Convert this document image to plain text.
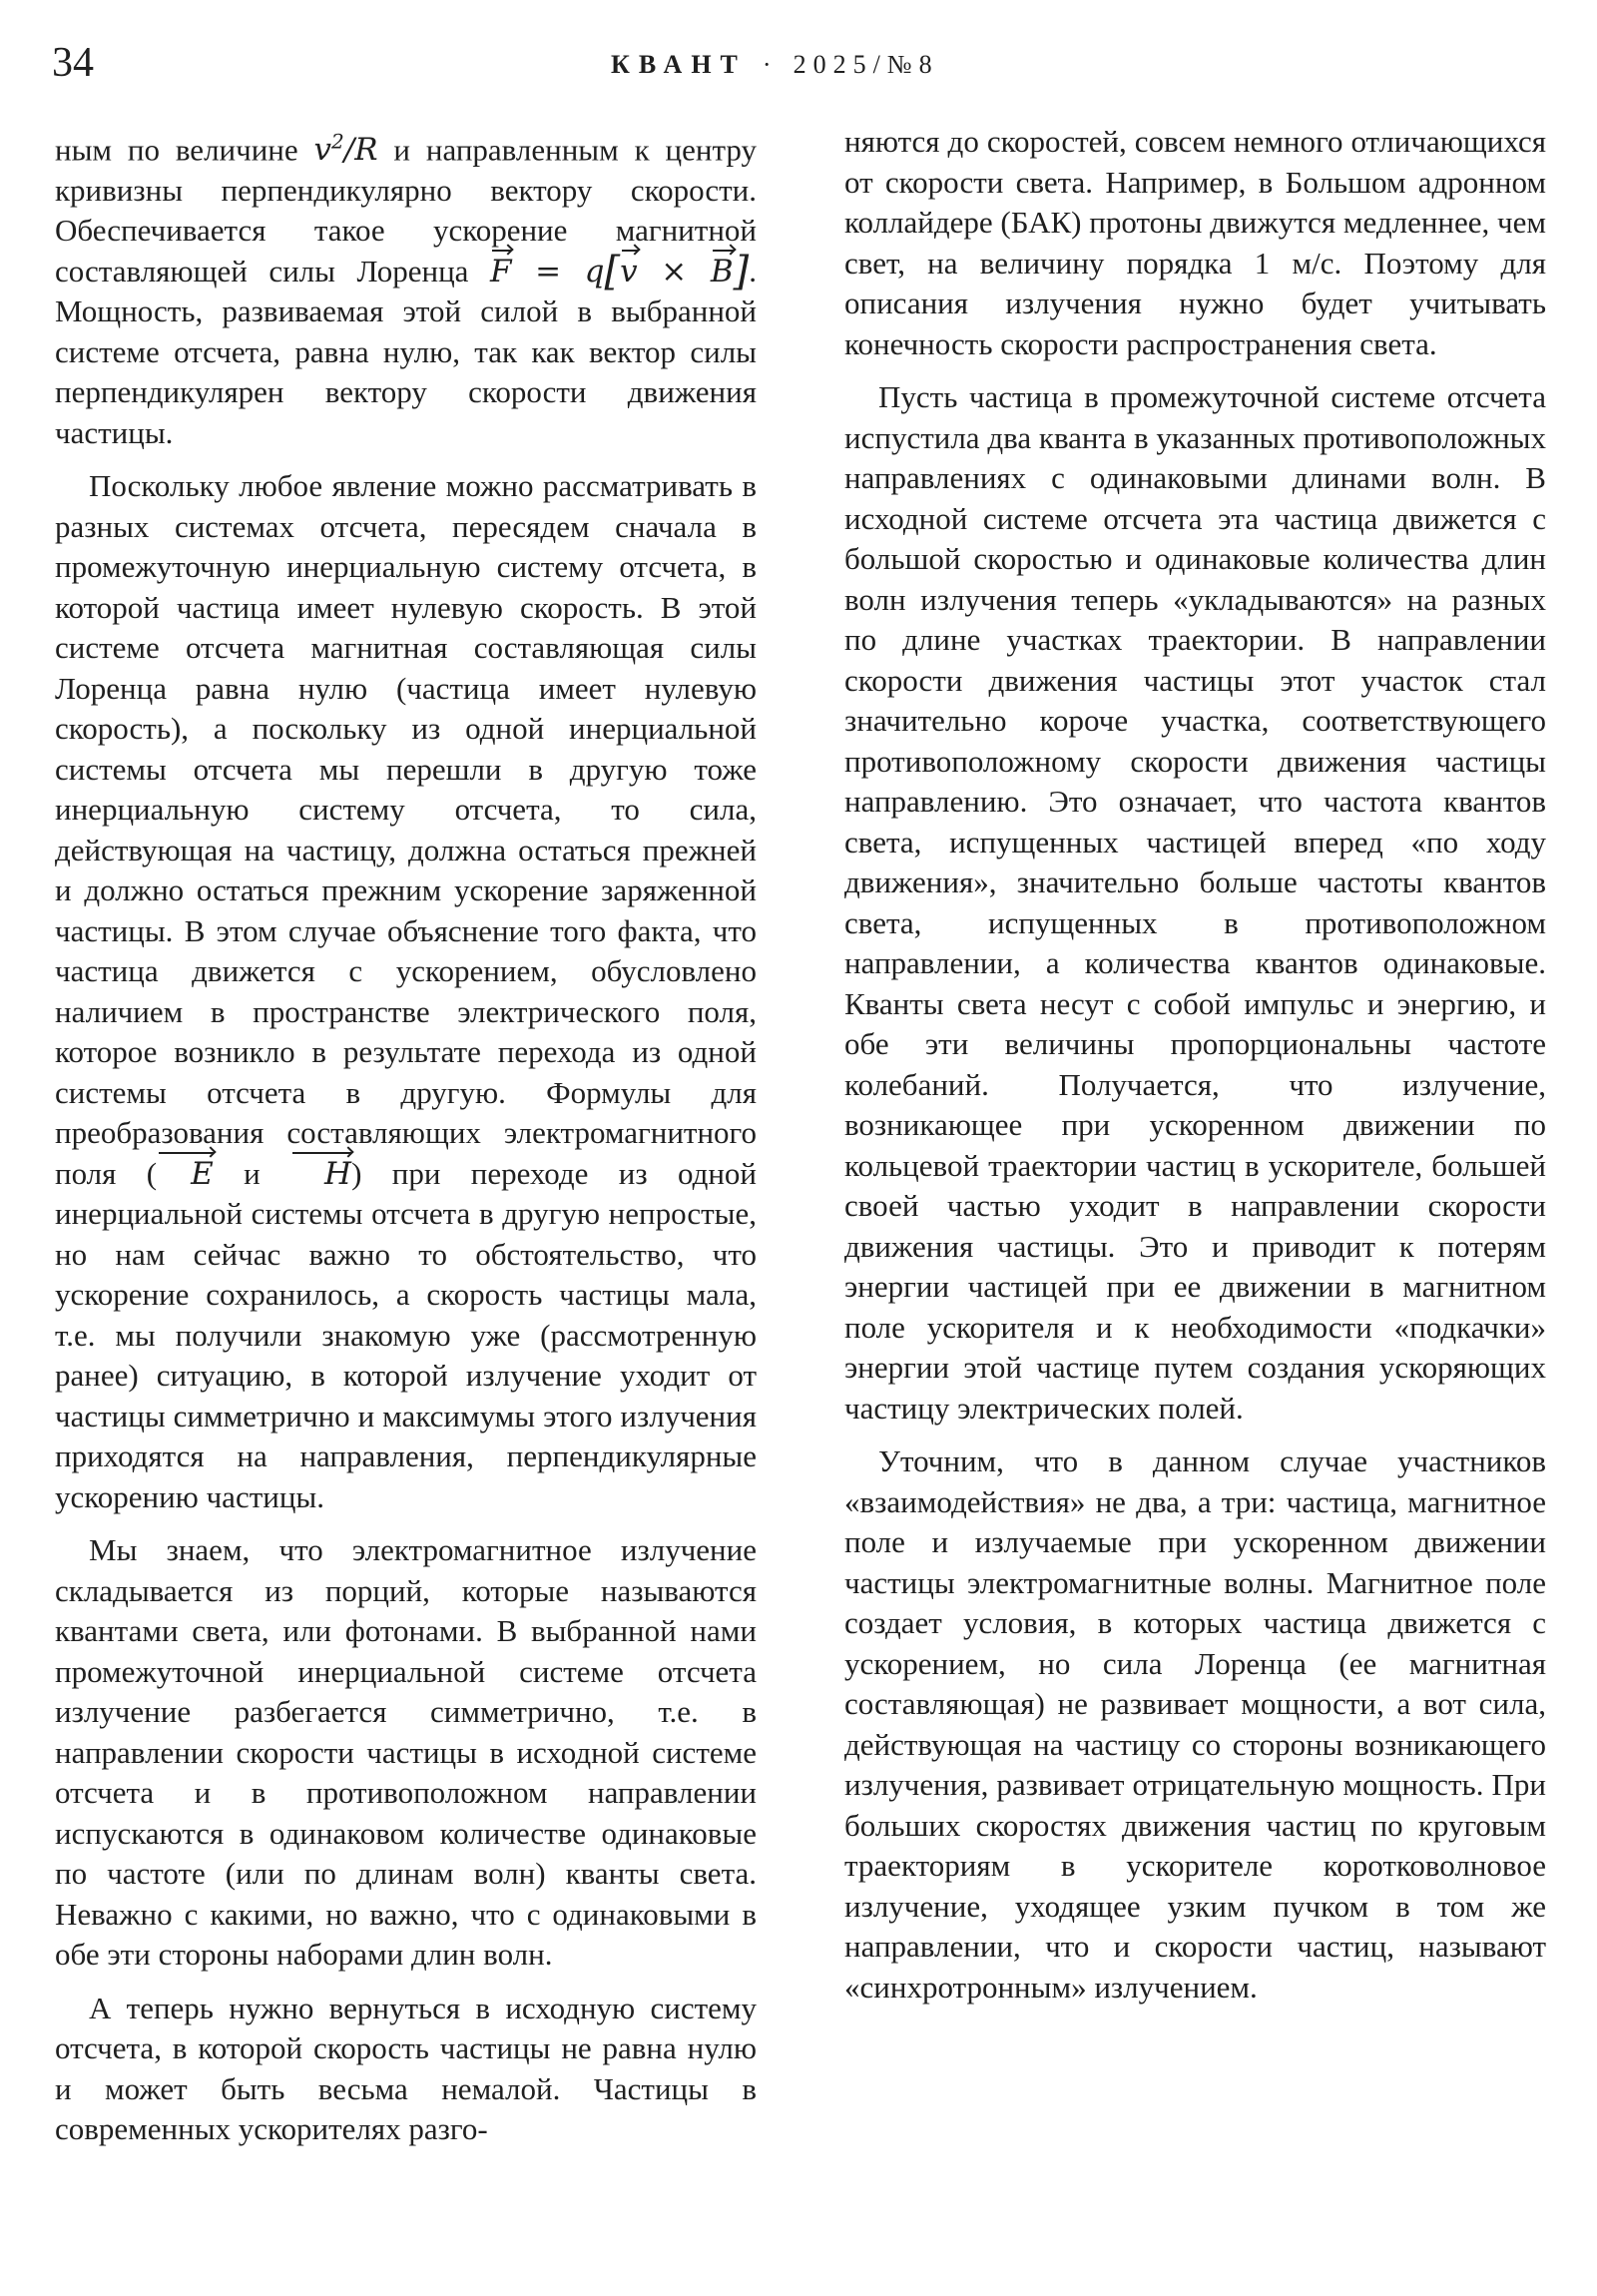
34	КВАНТ · 2025/№8

ным по величине $v^2/R$ и направленным к центру кривизны перпендикулярно вектору скорости. Обеспечивается такое ускорение магнитной составляющей силы Лоренца F = q[v × B]. Мощность, развиваемая этой силой в выбранной системе отсчета, равна нулю, так как вектор силы перпендикулярен вектору скорости движения частицы.

Поскольку любое явление можно рассматривать в разных системах отсчета, пересядем сначала в промежуточную инерциальную систему отсчета, в которой частица имеет нулевую скорость. В этой системе отсчета магнитная составляющая силы Лоренца равна нулю (частица имеет нулевую скорость), а поскольку из одной инерциальной системы отсчета мы перешли в другую тоже инерциальную систему отсчета, то сила, действующая на частицу, должна остаться прежней и должно остаться прежним ускорение заряженной частицы. В этом случае объяснение того факта, что частица движется с ускорением, обусловлено наличием в пространстве электрического поля, которое возникло в результате перехода из одной системы отсчета в другую. Формулы для преобразования составляющих электромагнитного поля ( E и H) при переходе из одной инерциальной системы отсчета в другую непростые, но нам сейчас важно то обстоятельство, что ускорение сохранилось, а скорость частицы мала, т.е. мы получили знакомую уже (рассмотренную ранее) ситуацию, в которой излучение уходит от частицы симметрично и максимумы этого излучения приходятся на направления, перпендикулярные ускорению частицы.

Мы знаем, что электромагнитное излучение складывается из порций, которые называются квантами света, или фотонами. В выбранной нами промежуточной инерциальной системе отсчета излучение разбегается симметрично, т.е. в направлении скорости частицы в исходной системе отсчета и в противоположном направлении испускаются в одинаковом количестве одинаковые по частоте (или по длинам волн) кванты света. Неважно с какими, но важно, что с одинаковыми в обе эти стороны наборами длин волн.

А теперь нужно вернуться в исходную систему отсчета, в которой скорость частицы не равна нулю и может быть весьма немалой. Частицы в современных ускорителях разго-

няются до скоростей, совсем немного отличающихся от скорости света. Например, в Большом адронном коллайдере (БАК) протоны движутся медленнее, чем свет, на величину порядка 1 м/с. Поэтому для описания излучения нужно будет учитывать конечность скорости распространения света.

Пусть частица в промежуточной системе отсчета испустила два кванта в указанных противоположных направлениях с одинаковыми длинами волн. В исходной системе отсчета эта частица движется с большой скоростью и одинаковые количества длин волн излучения теперь «укладываются» на разных по длине участках траектории. В направлении скорости движения частицы этот участок стал значительно короче участка, соответствующего противоположному скорости движения частицы направлению. Это означает, что частота квантов света, испущенных частицей вперед «по ходу движения», значительно больше частоты квантов света, испущенных в противоположном направлении, а количества квантов одинаковые. Кванты света несут с собой импульс и энергию, и обе эти величины пропорциональны частоте колебаний. Получается, что излучение, возникающее при ускоренном движении по кольцевой траектории частиц в ускорителе, большей своей частью уходит в направлении скорости движения частицы. Это и приводит к потерям энергии частицей при ее движении в магнитном поле ускорителя и к необходимости «подкачки» энергии этой частице путем создания ускоряющих частицу электрических полей.

Уточним, что в данном случае участников «взаимодействия» не два, а три: частица, магнитное поле и излучаемые при ускоренном движении частицы электромагнитные волны. Магнитное поле создает условия, в которых частица движется с ускорением, но сила Лоренца (ее магнитная составляющая) не развивает мощности, а вот сила, действующая на частицу со стороны возникающего излучения, развивает отрицательную мощность. При больших скоростях движения частиц по круговым траекториям в ускорителе коротковолновое излучение, уходящее узким пучком в том же направлении, что и скорости частиц, называют «синхротронным» излучением.
